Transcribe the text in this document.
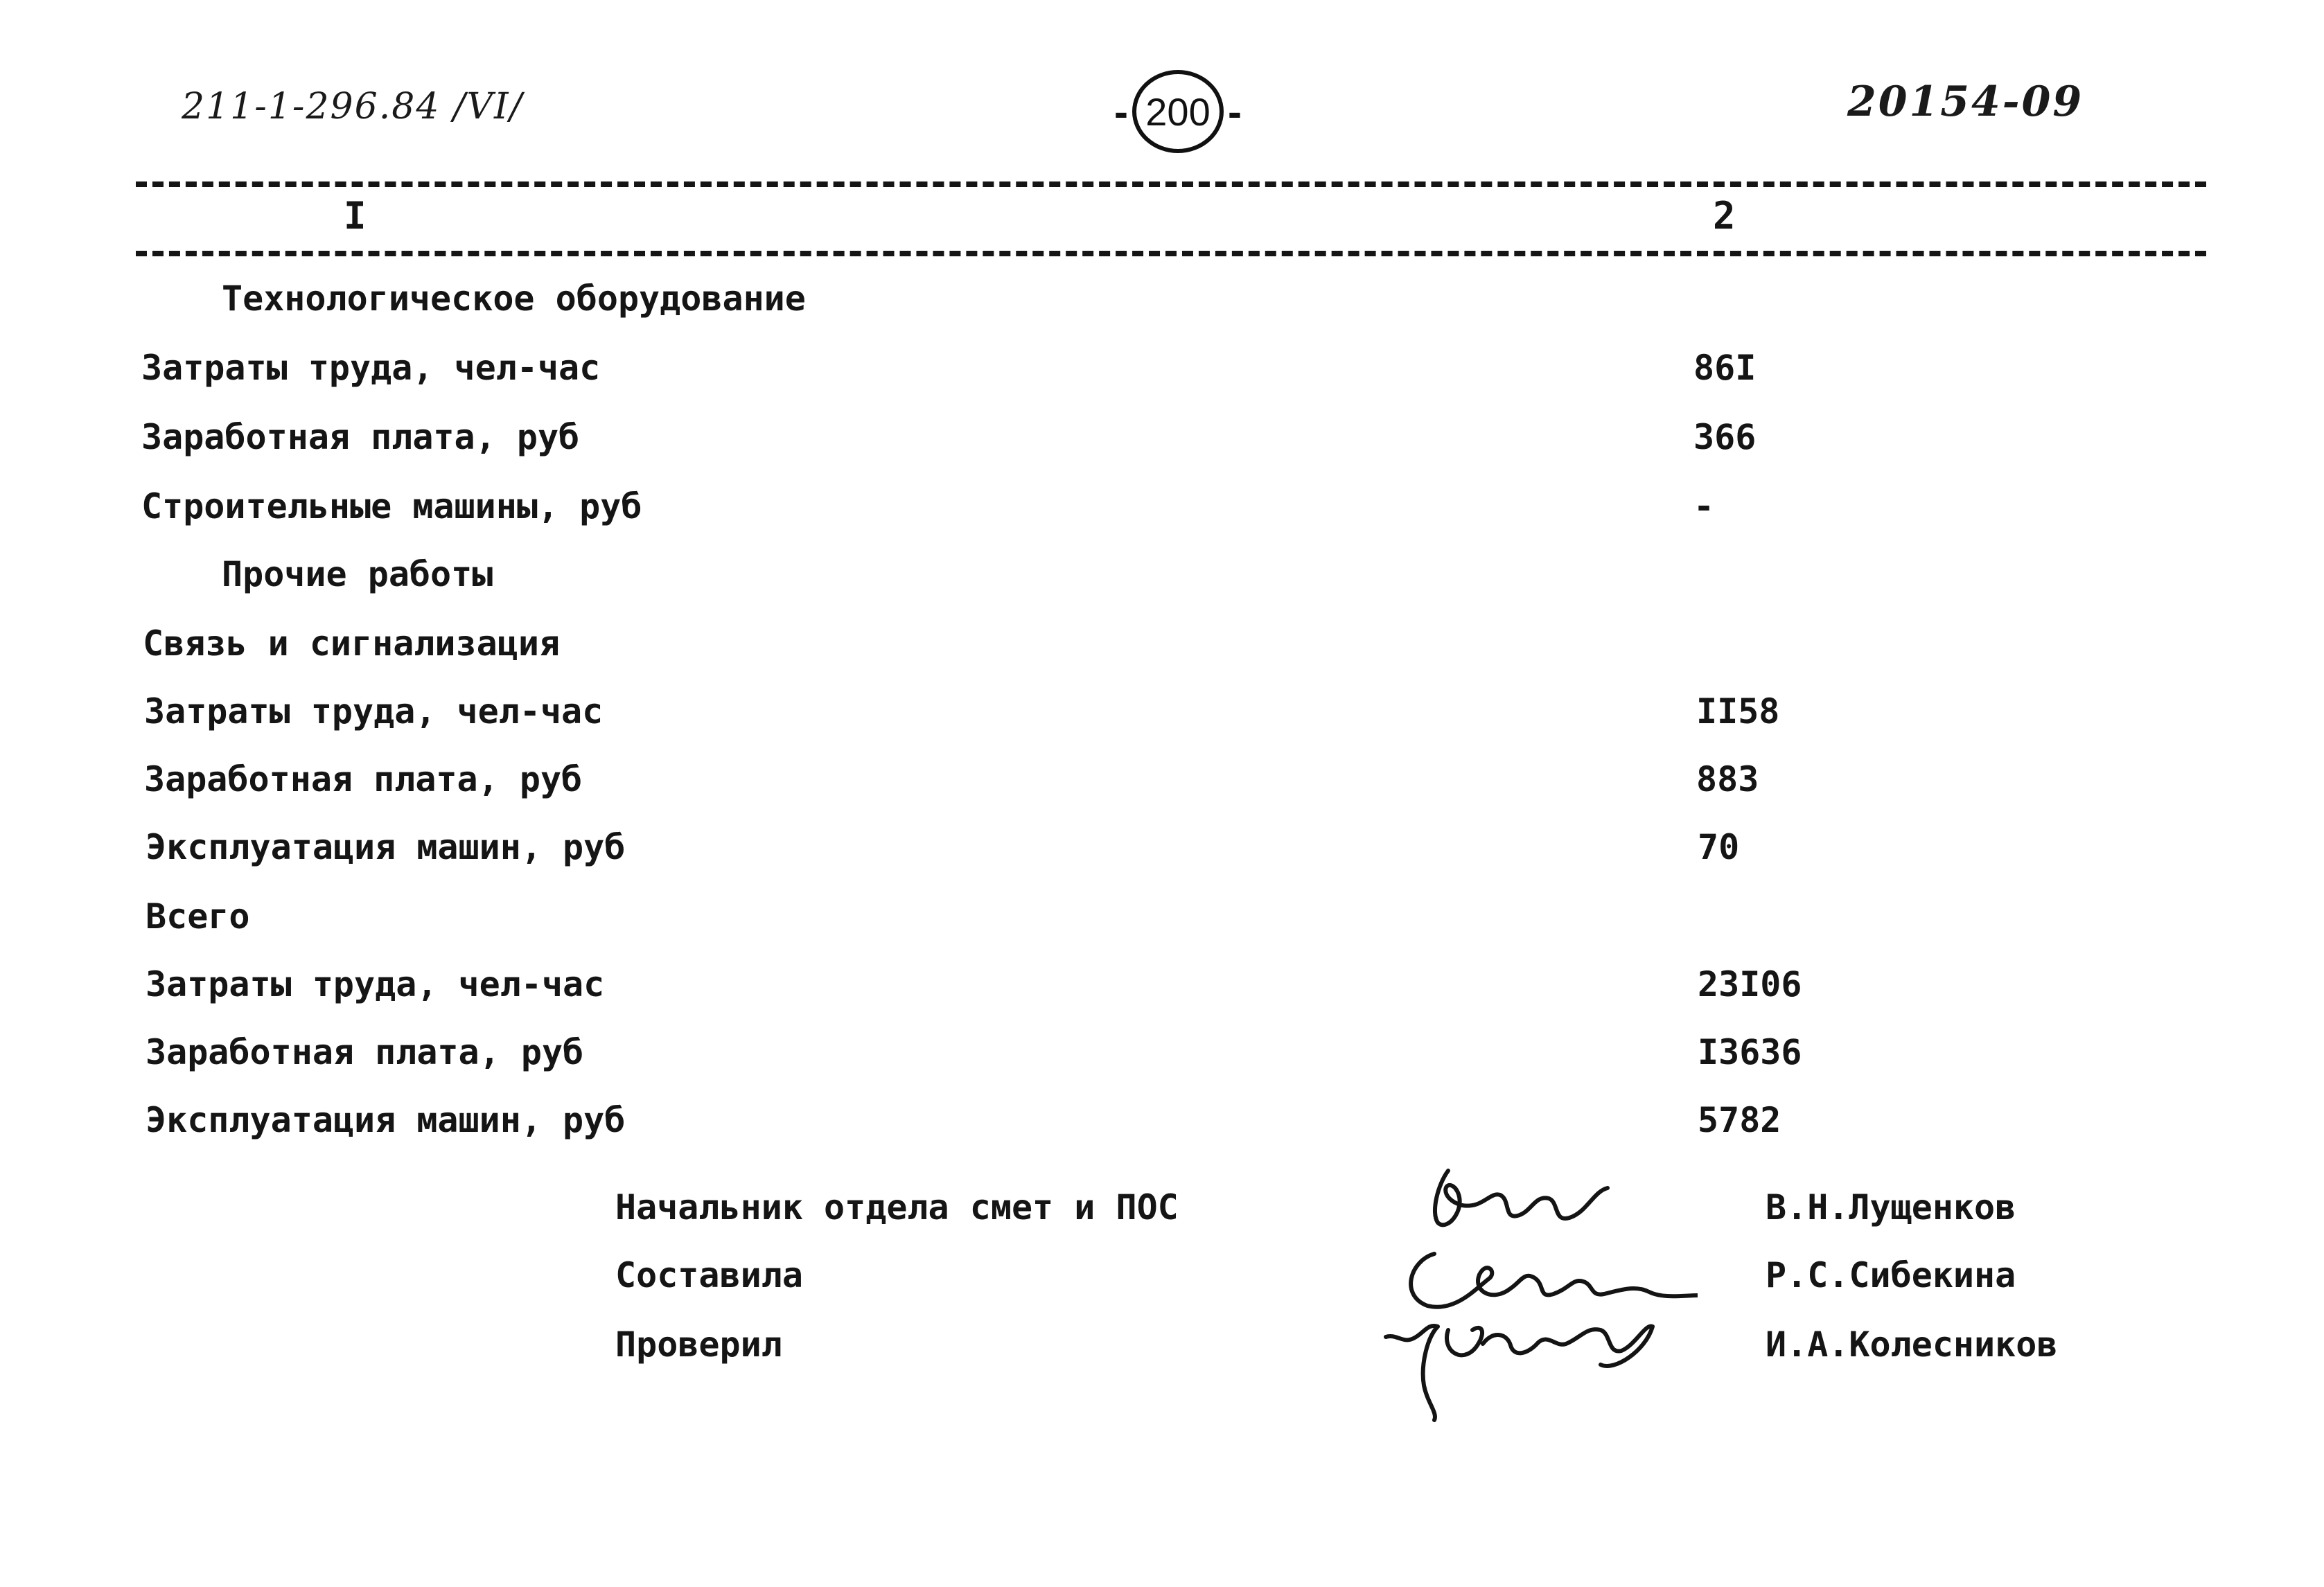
211-1-296.84 /VI/	- 200 -	20154-09
I	2
Технологическое оборудование
Затраты труда, чел-час	86I
Заработная плата, руб	366
Строительные машины, руб	-
Прочие работы
Связь и сигнализация
Затраты труда, чел-час	II58
Заработная плата, руб	883
Эксплуатация машин, руб	70
Всего
Затраты труда, чел-час	23I06
Заработная плата, руб	I3636
Эксплуатация машин, руб	5782
Начальник отдела смет и ПОС	В.Н.Лущенков
Составила	Р.С.Сибекина
Проверил	И.А.Колесников
